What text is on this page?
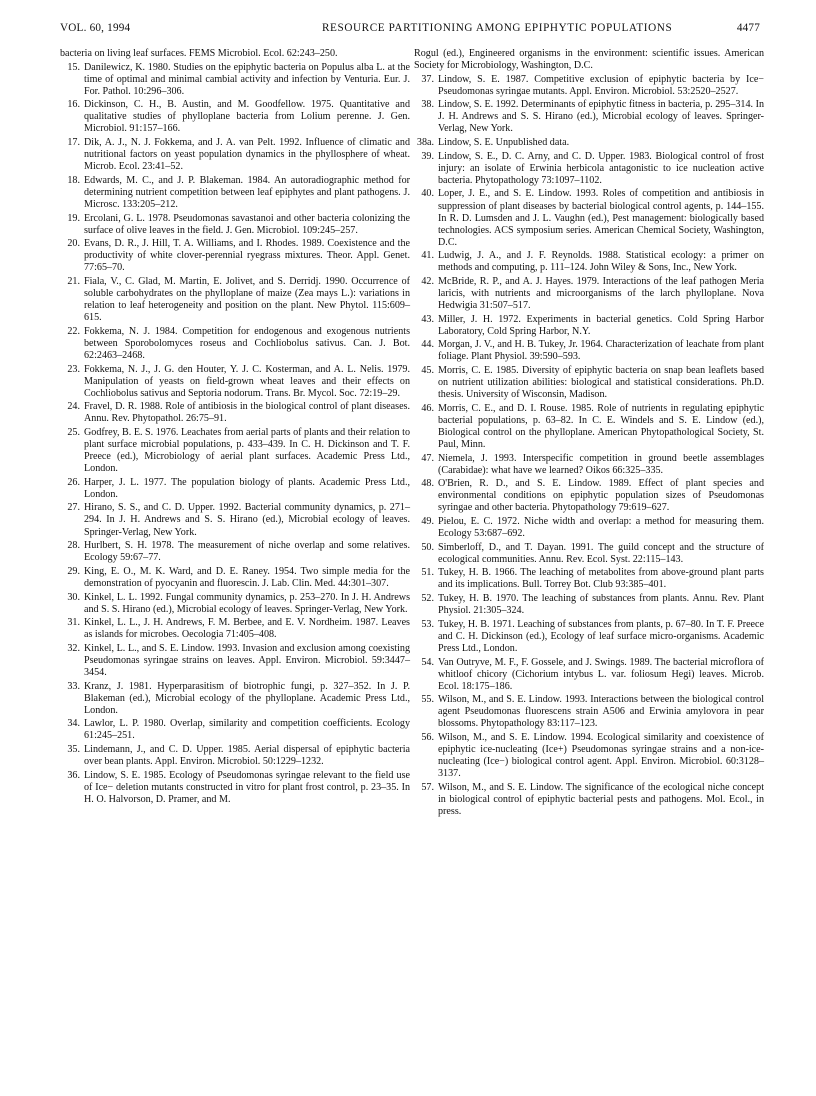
VOL. 60, 1994	RESOURCE PARTITIONING AMONG EPIPHYTIC POPULATIONS	4477
bacteria on living leaf surfaces. FEMS Microbiol. Ecol. 62:243–250.
15. Danilewicz, K. 1980. Studies on the epiphytic bacteria on Populus alba L. at the time of optimal and minimal cambial activity and infection by Venturia. Eur. J. For. Pathol. 10:296–306.
16. Dickinson, C. H., B. Austin, and M. Goodfellow. 1975. Quantitative and qualitative studies of phylloplane bacteria from Lolium perenne. J. Gen. Microbiol. 91:157–166.
17. Dik, A. J., N. J. Fokkema, and J. A. van Pelt. 1992. Influence of climatic and nutritional factors on yeast population dynamics in the phyllosphere of wheat. Microb. Ecol. 23:41–52.
18. Edwards, M. C., and J. P. Blakeman. 1984. An autoradiographic method for determining nutrient competition between leaf epiphytes and plant pathogens. J. Microsc. 133:205–212.
19. Ercolani, G. L. 1978. Pseudomonas savastanoi and other bacteria colonizing the surface of olive leaves in the field. J. Gen. Microbiol. 109:245–257.
20. Evans, D. R., J. Hill, T. A. Williams, and I. Rhodes. 1989. Coexistence and the productivity of white clover-perennial ryegrass mixtures. Theor. Appl. Genet. 77:65–70.
21. Fiala, V., C. Glad, M. Martin, E. Jolivet, and S. Derridj. 1990. Occurrence of soluble carbohydrates on the phylloplane of maize (Zea mays L.): variations in relation to leaf heterogeneity and position on the plant. New Phytol. 115:609–615.
22. Fokkema, N. J. 1984. Competition for endogenous and exogenous nutrients between Sporobolomyces roseus and Cochliobolus sativus. Can. J. Bot. 62:2463–2468.
23. Fokkema, N. J., J. G. den Houter, Y. J. C. Kosterman, and A. L. Nelis. 1979. Manipulation of yeasts on field-grown wheat leaves and their effects on Cochliobolus sativus and Septoria nodorum. Trans. Br. Mycol. Soc. 72:19–29.
24. Fravel, D. R. 1988. Role of antibiosis in the biological control of plant diseases. Annu. Rev. Phytopathol. 26:75–91.
25. Godfrey, B. E. S. 1976. Leachates from aerial parts of plants and their relation to plant surface microbial populations, p. 433–439. In C. H. Dickinson and T. F. Preece (ed.), Microbiology of aerial plant surfaces. Academic Press Ltd., London.
26. Harper, J. L. 1977. The population biology of plants. Academic Press Ltd., London.
27. Hirano, S. S., and C. D. Upper. 1992. Bacterial community dynamics, p. 271–294. In J. H. Andrews and S. S. Hirano (ed.), Microbial ecology of leaves. Springer-Verlag, New York.
28. Hurlbert, S. H. 1978. The measurement of niche overlap and some relatives. Ecology 59:67–77.
29. King, E. O., M. K. Ward, and D. E. Raney. 1954. Two simple media for the demonstration of pyocyanin and fluorescin. J. Lab. Clin. Med. 44:301–307.
30. Kinkel, L. L. 1992. Fungal community dynamics, p. 253–270. In J. H. Andrews and S. S. Hirano (ed.), Microbial ecology of leaves. Springer-Verlag, New York.
31. Kinkel, L. L., J. H. Andrews, F. M. Berbee, and E. V. Nordheim. 1987. Leaves as islands for microbes. Oecologia 71:405–408.
32. Kinkel, L. L., and S. E. Lindow. 1993. Invasion and exclusion among coexisting Pseudomonas syringae strains on leaves. Appl. Environ. Microbiol. 59:3447–3454.
33. Kranz, J. 1981. Hyperparasitism of biotrophic fungi, p. 327–352. In J. P. Blakeman (ed.), Microbial ecology of the phylloplane. Academic Press Ltd., London.
34. Lawlor, L. P. 1980. Overlap, similarity and competition coefficients. Ecology 61:245–251.
35. Lindemann, J., and C. D. Upper. 1985. Aerial dispersal of epiphytic bacteria over bean plants. Appl. Environ. Microbiol. 50:1229–1232.
36. Lindow, S. E. 1985. Ecology of Pseudomonas syringae relevant to the field use of Ice− deletion mutants constructed in vitro for plant frost control, p. 23–35. In H. O. Halvorson, D. Pramer, and M.
Rogul (ed.), Engineered organisms in the environment: scientific issues. American Society for Microbiology, Washington, D.C.
37. Lindow, S. E. 1987. Competitive exclusion of epiphytic bacteria by Ice− Pseudomonas syringae mutants. Appl. Environ. Microbiol. 53:2520–2527.
38. Lindow, S. E. 1992. Determinants of epiphytic fitness in bacteria, p. 295–314. In J. H. Andrews and S. S. Hirano (ed.), Microbial ecology of leaves. Springer-Verlag, New York.
38a. Lindow, S. E. Unpublished data.
39. Lindow, S. E., D. C. Arny, and C. D. Upper. 1983. Biological control of frost injury: an isolate of Erwinia herbicola antagonistic to ice nucleation active bacteria. Phytopathology 73:1097–1102.
40. Loper, J. E., and S. E. Lindow. 1993. Roles of competition and antibiosis in suppression of plant diseases by bacterial biological control agents, p. 144–155. In R. D. Lumsden and J. L. Vaughn (ed.), Pest management: biologically based technologies. ACS symposium series. American Chemical Society, Washington, D.C.
41. Ludwig, J. A., and J. F. Reynolds. 1988. Statistical ecology: a primer on methods and computing, p. 111–124. John Wiley & Sons, Inc., New York.
42. McBride, R. P., and A. J. Hayes. 1979. Interactions of the leaf pathogen Meria laricis, with nutrients and microorganisms of the larch phylloplane. Nova Hedwigia 31:507–517.
43. Miller, J. H. 1972. Experiments in bacterial genetics. Cold Spring Harbor Laboratory, Cold Spring Harbor, N.Y.
44. Morgan, J. V., and H. B. Tukey, Jr. 1964. Characterization of leachate from plant foliage. Plant Physiol. 39:590–593.
45. Morris, C. E. 1985. Diversity of epiphytic bacteria on snap bean leaflets based on nutrient utilization abilities: biological and statistical considerations. Ph.D. thesis. University of Wisconsin, Madison.
46. Morris, C. E., and D. I. Rouse. 1985. Role of nutrients in regulating epiphytic bacterial populations, p. 63–82. In C. E. Windels and S. E. Lindow (ed.), Biological control on the phylloplane. American Phytopathological Society, St. Paul, Minn.
47. Niemela, J. 1993. Interspecific competition in ground beetle assemblages (Carabidae): what have we learned? Oikos 66:325–335.
48. O'Brien, R. D., and S. E. Lindow. 1989. Effect of plant species and environmental conditions on epiphytic population sizes of Pseudomonas syringae and other bacteria. Phytopathology 79:619–627.
49. Pielou, E. C. 1972. Niche width and overlap: a method for measuring them. Ecology 53:687–692.
50. Simberloff, D., and T. Dayan. 1991. The guild concept and the structure of ecological communities. Annu. Rev. Ecol. Syst. 22:115–143.
51. Tukey, H. B. 1966. The leaching of metabolites from above-ground plant parts and its implications. Bull. Torrey Bot. Club 93:385–401.
52. Tukey, H. B. 1970. The leaching of substances from plants. Annu. Rev. Plant Physiol. 21:305–324.
53. Tukey, H. B. 1971. Leaching of substances from plants, p. 67–80. In T. F. Preece and C. H. Dickinson (ed.), Ecology of leaf surface micro-organisms. Academic Press Ltd., London.
54. Van Outryve, M. F., F. Gossele, and J. Swings. 1989. The bacterial microflora of whitloof chicory (Cichorium intybus L. var. foliosum Hegi) leaves. Microb. Ecol. 18:175–186.
55. Wilson, M., and S. E. Lindow. 1993. Interactions between the biological control agent Pseudomonas fluorescens strain A506 and Erwinia amylovora in pear blossoms. Phytopathology 83:117–123.
56. Wilson, M., and S. E. Lindow. 1994. Ecological similarity and coexistence of epiphytic ice-nucleating (Ice+) Pseudomonas syringae strains and a non-ice-nucleating (Ice−) biological control agent. Appl. Environ. Microbiol. 60:3128–3137.
57. Wilson, M., and S. E. Lindow. The significance of the ecological niche concept in biological control of epiphytic bacterial pests and pathogens. Mol. Ecol., in press.
